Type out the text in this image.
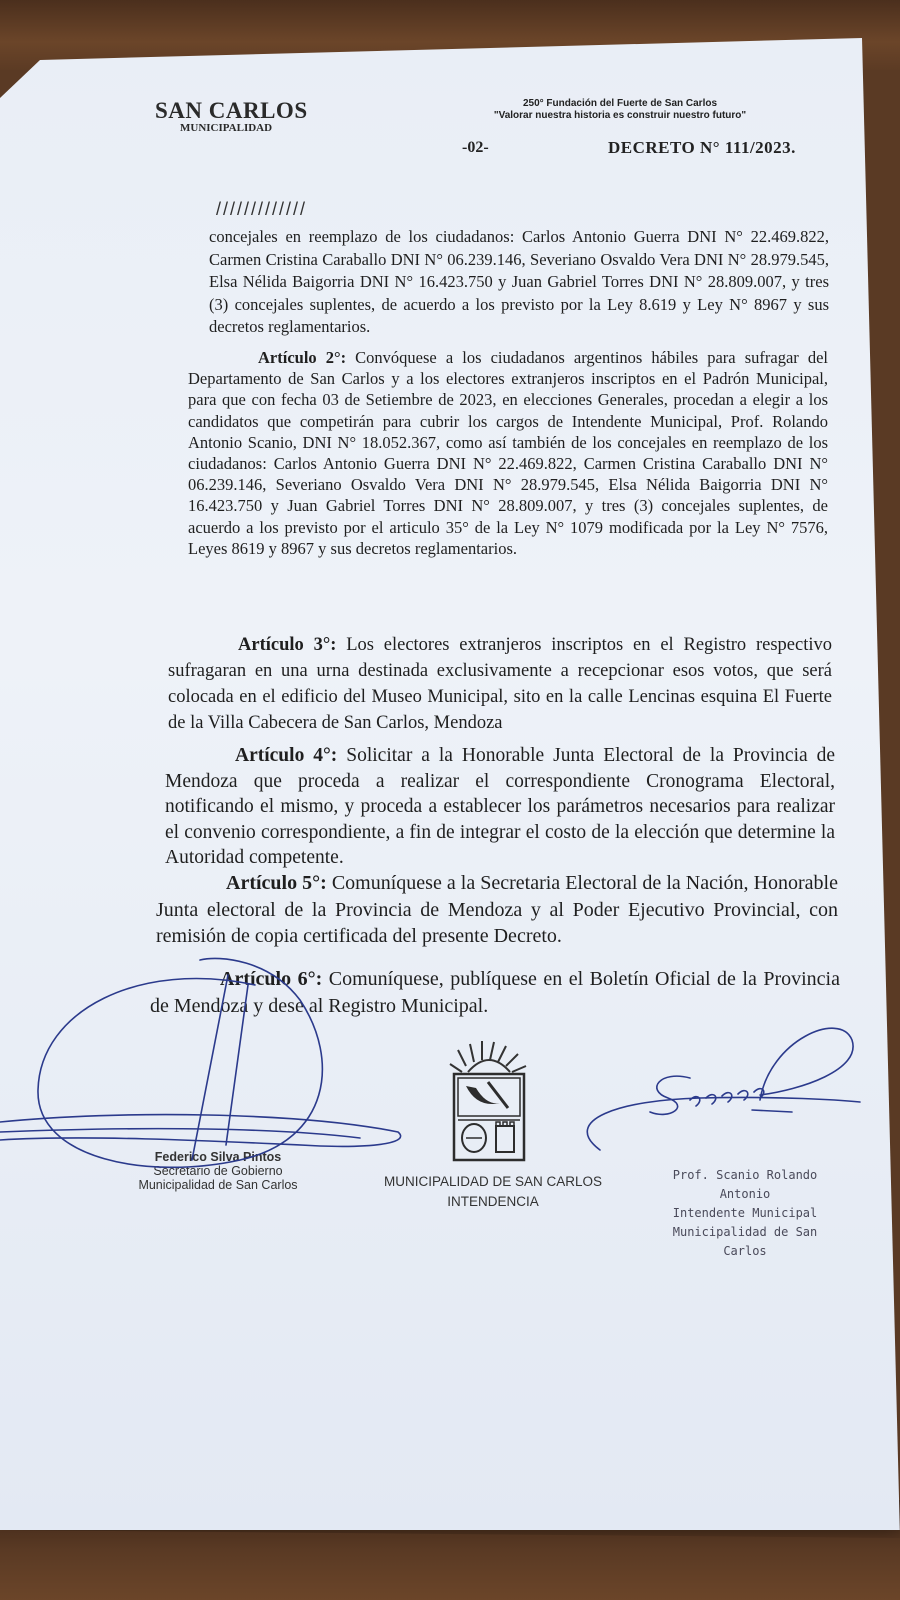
SAN CARLOS
MUNICIPALIDAD
250° Fundación del Fuerte de San Carlos
"Valorar nuestra historia es construir nuestro futuro"
-02-	DECRETO N° 111/2023.
/////////////
concejales en reemplazo de los ciudadanos: Carlos Antonio Guerra DNI N° 22.469.822, Carmen Cristina Caraballo DNI N° 06.239.146, Severiano Osvaldo Vera DNI N° 28.979.545, Elsa Nélida Baigorria DNI N° 16.423.750 y Juan Gabriel Torres DNI N° 28.809.007, y tres (3) concejales suplentes, de acuerdo a los previsto por la Ley 8.619 y Ley N° 8967 y sus decretos reglamentarios.
Artículo 2°: Convóquese a los ciudadanos argentinos hábiles para sufragar del Departamento de San Carlos y a los electores extranjeros inscriptos en el Padrón Municipal, para que con fecha 03 de Setiembre de 2023, en elecciones Generales, procedan a elegir a los candidatos que competirán para cubrir los cargos de Intendente Municipal, Prof. Rolando Antonio Scanio, DNI N° 18.052.367, como así también de los concejales en reemplazo de los ciudadanos: Carlos Antonio Guerra DNI N° 22.469.822, Carmen Cristina Caraballo DNI N° 06.239.146, Severiano Osvaldo Vera DNI N° 28.979.545, Elsa Nélida Baigorria DNI N° 16.423.750 y Juan Gabriel Torres DNI N° 28.809.007, y tres (3) concejales suplentes, de acuerdo a los previsto por el articulo 35° de la Ley N° 1079 modificada por la Ley N° 7576, Leyes 8619 y 8967 y sus decretos reglamentarios.
Artículo 3°: Los electores extranjeros inscriptos en el Registro respectivo sufragaran en una urna destinada exclusivamente a recepcionar esos votos, que será colocada en el edificio del Museo Municipal, sito en la calle Lencinas esquina El Fuerte de la Villa Cabecera de San Carlos, Mendoza
Artículo 4°: Solicitar a la Honorable Junta Electoral de la Provincia de Mendoza que proceda a realizar el correspondiente Cronograma Electoral, notificando el mismo, y proceda a establecer los parámetros necesarios para realizar el convenio correspondiente, a fin de integrar el costo de la elección que determine la Autoridad competente.
Artículo 5°: Comuníquese a la Secretaria Electoral de la Nación, Honorable Junta electoral de la Provincia de Mendoza y al Poder Ejecutivo Provincial, con remisión de copia certificada del presente Decreto.
Artículo 6°: Comuníquese, publíquese en el Boletín Oficial de la Provincia de Mendoza y dese al Registro Municipal.
MUNICIPALIDAD DE SAN CARLOS
INTENDENCIA
Federico Silva Pintos
Secretario de Gobierno
Municipalidad de San Carlos
Prof. Scanio Rolando Antonio
Intendente Municipal
Municipalidad de San Carlos
